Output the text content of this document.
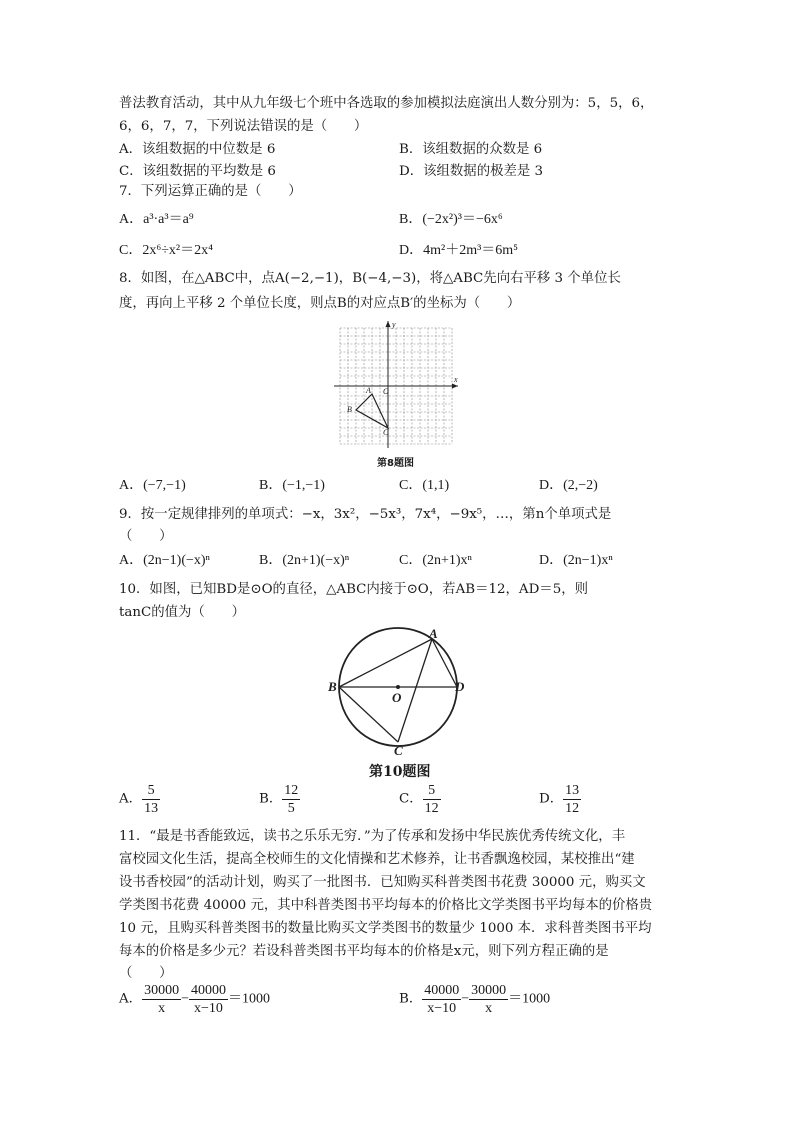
普法教育活动，其中从九年级七个班中各选取的参加模拟法庭演出人数分别为：5，5，6，
6，6，7，7，下列说法错误的是（　　）
A．该组数据的中位数是 6	B．该组数据的众数是 6
C．该组数据的平均数是 6	D．该组数据的极差是 3
7．下列运算正确的是（　　）
A．a³·a³＝a⁹	B．(−2x²)³＝−6x⁶
C．2x⁶÷x²＝2x⁴	D．4m²＋2m³＝6m⁵
8．如图，在△ABC中，点A(−2,−1)，B(−4,−3)，将△ABC先向右平移 3 个单位长
度，再向上平移 2 个单位长度，则点B的对应点B′的坐标为（　　）
x
y
O
A
B
C
第8题图
A．(−7,−1)	B．(−1,−1)	C．(1,1)	D．(2,−2)
9．按一定规律排列的单项式：−x，3x²，−5x³，7x⁴，−9x⁵，…，第n个单项式是
（　　）
A．(2n−1)(−x)ⁿ	B．(2n+1)(−x)ⁿ	C．(2n+1)xⁿ	D．(2n−1)xⁿ
10．如图，已知BD是⊙O的直径，△ABC内接于⊙O，若AB＝12，AD＝5，则
tanC的值为（　　）
A
B
C
D
O
第10题图
A． $\frac{5}{13}$	B． $\frac{12}{5}$	C． $\frac{5}{12}$	D． $\frac{13}{12}$
11．“最是书香能致远，读书之乐乐无穷．”为了传承和发扬中华民族优秀传统文化，丰
富校园文化生活，提高全校师生的文化情操和艺术修养，让书香飘逸校园，某校推出“建
设书香校园”的活动计划，购买了一批图书．已知购买科普类图书花费 30000 元，购买文
学类图书花费 40000 元，其中科普类图书平均每本的价格比文学类图书平均每本的价格贵
10 元，且购买科普类图书的数量比购买文学类图书的数量少 1000 本．求科普类图书平均
每本的价格是多少元？若设科普类图书平均每本的价格是x元，则下列方程正确的是
（　　）
A． $\frac{30000}{x} - \frac{40000}{x-10} =1000$	B． $\frac{40000}{x-10} - \frac{30000}{x} =1000$
